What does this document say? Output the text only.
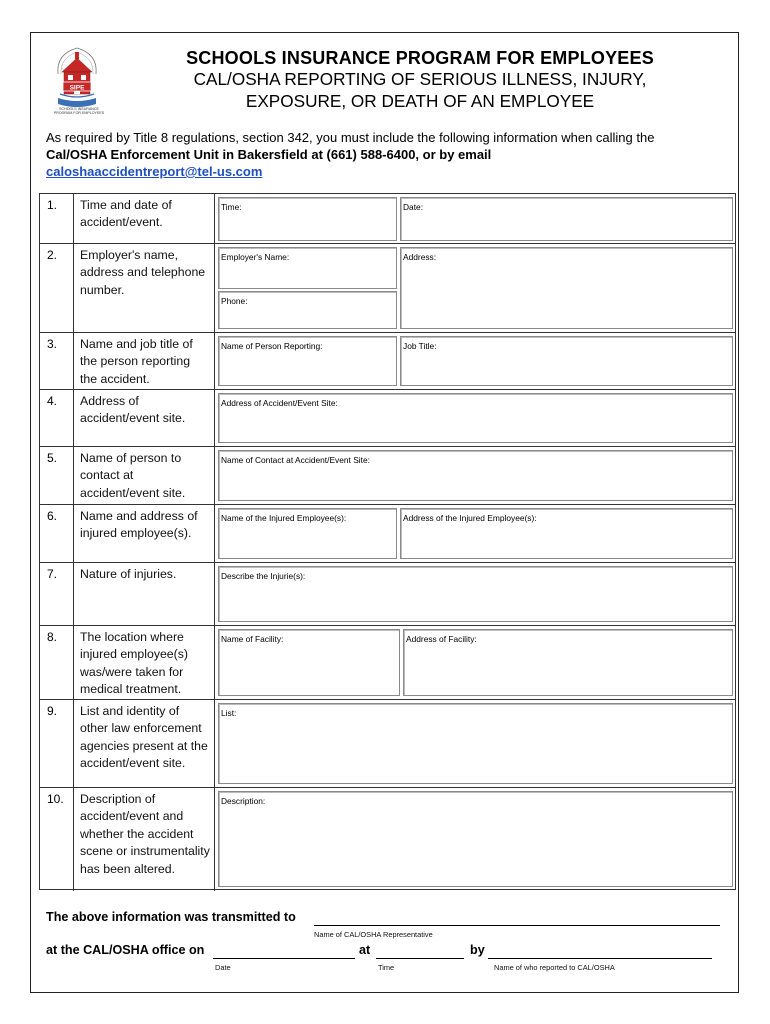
SIPE
SCHOOLS INSURANCE PROGRAM FOR EMPLOYEES
SCHOOLS INSURANCE PROGRAM FOR EMPLOYEES
CAL/OSHA REPORTING OF SERIOUS ILLNESS, INJURY,
EXPOSURE, OR DEATH OF AN EMPLOYEE
As required by Title 8 regulations, section 342, you must include the following information when calling the
Cal/OSHA Enforcement Unit in Bakersfield at (661) 588-6400, or by email
caloshaaccidentreport@tel-us.com
1. Time and date of accident/event.
Time:	Date:
2. Employer's name, address and telephone number.
Employer's Name:
Phone:
Address:
3. Name and job title of the person reporting the accident.
Name of Person Reporting:	Job Title:
4. Address of accident/event site.
Address of Accident/Event Site:
5. Name of person to contact at accident/event site.
Name of Contact at Accident/Event Site:
6. Name and address of injured employee(s).
Name of the Injured Employee(s):	Address of the Injured Employee(s):
7. Nature of injuries.	Describe the Injurie(s):
8. The location where injured employee(s) was/were taken for medical treatment.
Name of Facility:	Address of Facility:
9. List and identity of other law enforcement agencies present at the accident/event site.
List:
10. Description of accident/event and whether the accident scene or instrumentality has been altered.
Description:
The above information was transmitted to
Name of CAL/OSHA Representative
at the CAL/OSHA office on
Date
at
Time
by
Name of who reported to CAL/OSHA
